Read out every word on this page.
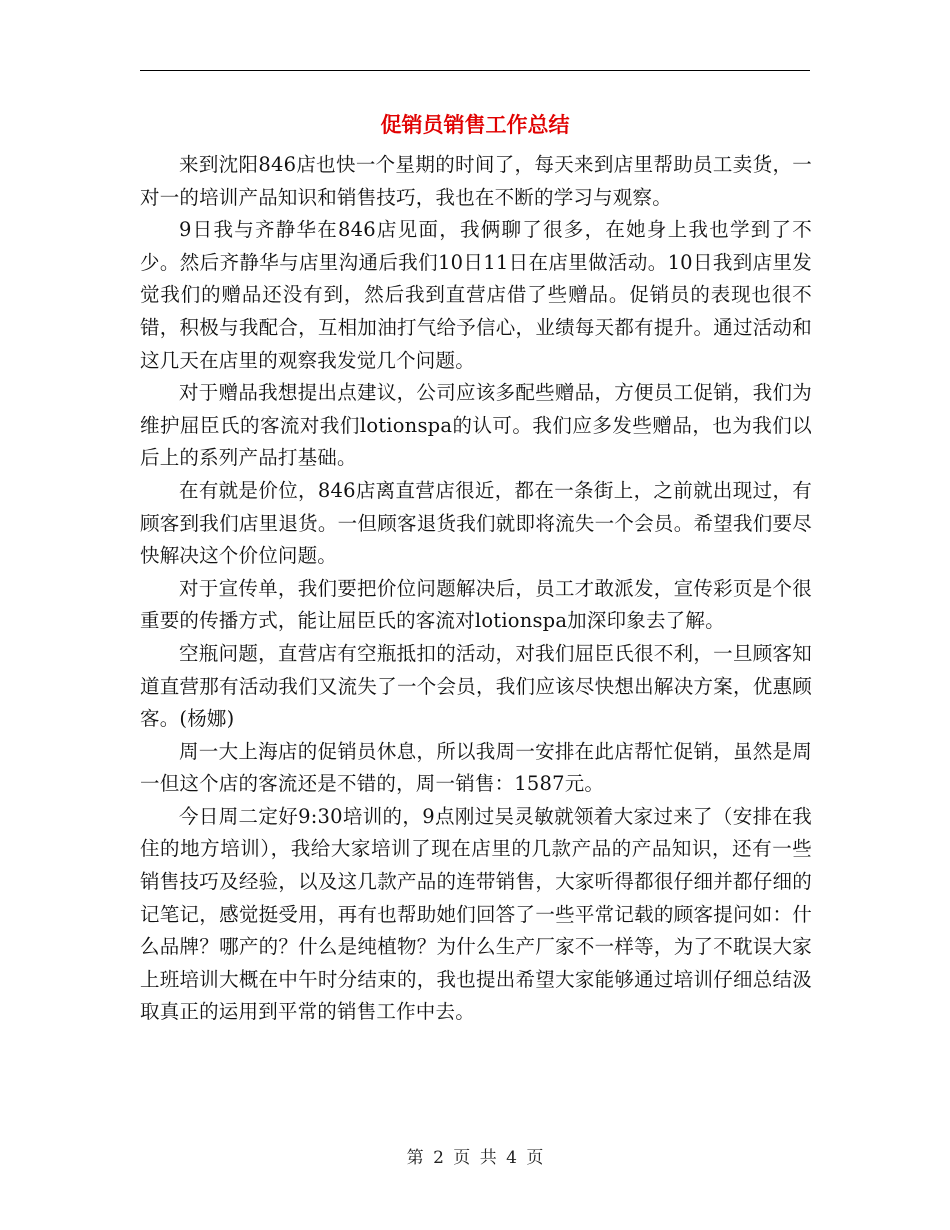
促销员销售工作总结

来到沈阳846店也快一个星期的时间了，每天来到店里帮助员工卖货，一对一的培训产品知识和销售技巧，我也在不断的学习与观察。

9日我与齐静华在846店见面，我俩聊了很多，在她身上我也学到了不少。然后齐静华与店里沟通后我们10日11日在店里做活动。10日我到店里发觉我们的赠品还没有到，然后我到直营店借了些赠品。促销员的表现也很不错，积极与我配合，互相加油打气给予信心，业绩每天都有提升。通过活动和这几天在店里的观察我发觉几个问题。

对于赠品我想提出点建议，公司应该多配些赠品，方便员工促销，我们为维护屈臣氏的客流对我们lotionspa的认可。我们应多发些赠品，也为我们以后上的系列产品打基础。

在有就是价位，846店离直营店很近，都在一条街上，之前就出现过，有顾客到我们店里退货。一但顾客退货我们就即将流失一个会员。希望我们要尽快解决这个价位问题。

对于宣传单，我们要把价位问题解决后，员工才敢派发，宣传彩页是个很重要的传播方式，能让屈臣氏的客流对lotionspa加深印象去了解。

空瓶问题，直营店有空瓶抵扣的活动，对我们屈臣氏很不利，一旦顾客知道直营那有活动我们又流失了一个会员，我们应该尽快想出解决方案，优惠顾客。(杨娜)

周一大上海店的促销员休息，所以我周一安排在此店帮忙促销，虽然是周一但这个店的客流还是不错的，周一销售：1587元。

今日周二定好9:30培训的，9点刚过吴灵敏就领着大家过来了（安排在我住的地方培训），我给大家培训了现在店里的几款产品的产品知识，还有一些销售技巧及经验，以及这几款产品的连带销售，大家听得都很仔细并都仔细的记笔记，感觉挺受用，再有也帮助她们回答了一些平常记载的顾客提问如：什么品牌？哪产的？什么是纯植物？为什么生产厂家不一样等，为了不耽误大家上班培训大概在中午时分结束的，我也提出希望大家能够通过培训仔细总结汲取真正的运用到平常的销售工作中去。

第 2 页 共 4 页
